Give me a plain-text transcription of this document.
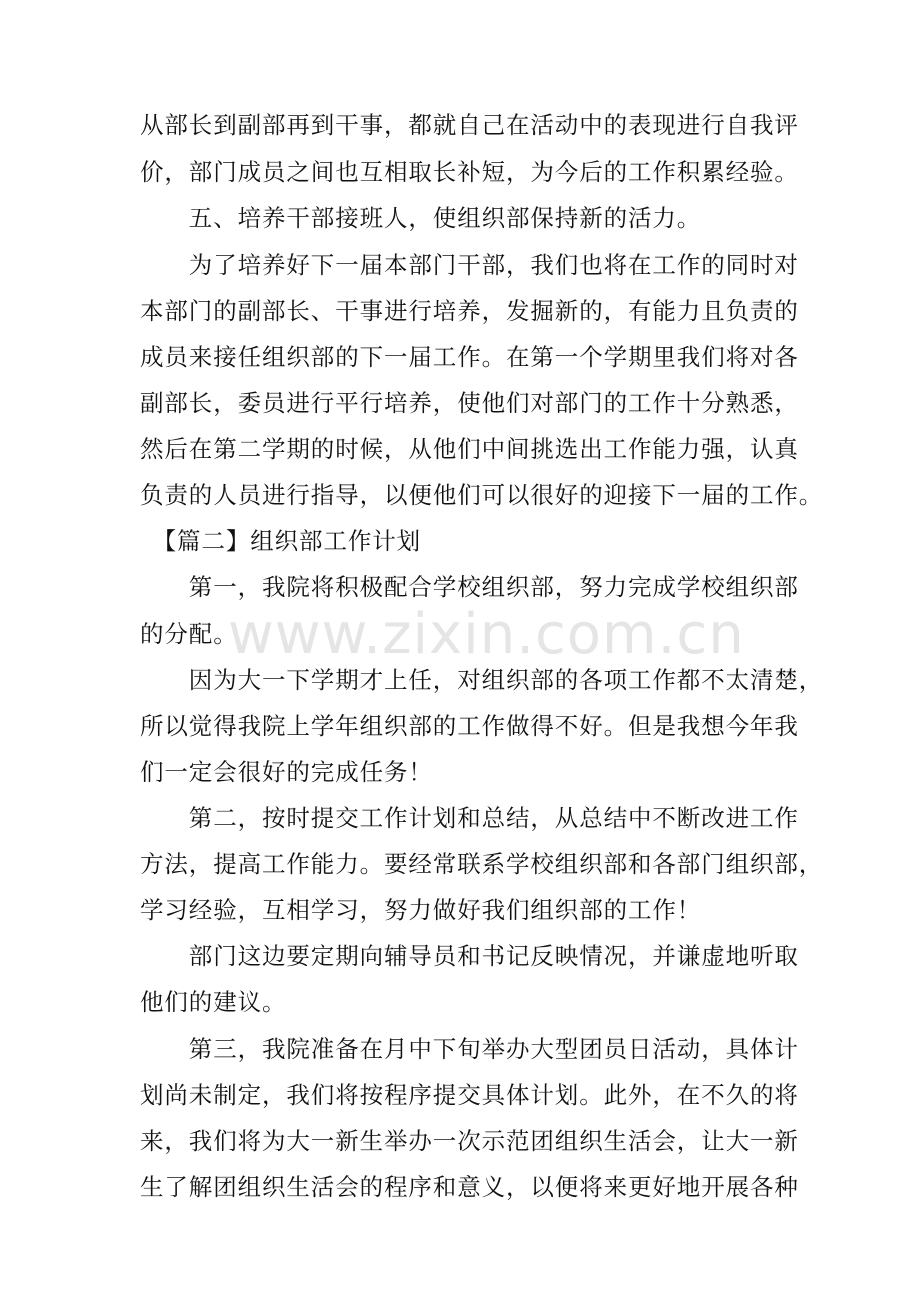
从部长到副部再到干事，都就自己在活动中的表现进行自我评
价，部门成员之间也互相取长补短，为今后的工作积累经验。
　　五、培养干部接班人，使组织部保持新的活力。
　　为了培养好下一届本部门干部，我们也将在工作的同时对
本部门的副部长、干事进行培养，发掘新的，有能力且负责的
成员来接任组织部的下一届工作。在第一个学期里我们将对各
副部长，委员进行平行培养，使他们对部门的工作十分熟悉，
然后在第二学期的时候，从他们中间挑选出工作能力强，认真
负责的人员进行指导，以便他们可以很好的迎接下一届的工作。
　【篇二】组织部工作计划
　　第一，我院将积极配合学校组织部，努力完成学校组织部
的分配。
　　因为大一下学期才上任，对组织部的各项工作都不太清楚，
所以觉得我院上学年组织部的工作做得不好。但是我想今年我
们一定会很好的完成任务！
　　第二，按时提交工作计划和总结，从总结中不断改进工作
方法，提高工作能力。要经常联系学校组织部和各部门组织部，
学习经验，互相学习，努力做好我们组织部的工作！
　　部门这边要定期向辅导员和书记反映情况，并谦虚地听取
他们的建议。
　　第三，我院准备在月中下旬举办大型团员日活动，具体计
划尚未制定，我们将按程序提交具体计划。此外，在不久的将
来，我们将为大一新生举办一次示范团组织生活会，让大一新
生了解团组织生活会的程序和意义，以便将来更好地开展各种
www.zixin.com.cn
